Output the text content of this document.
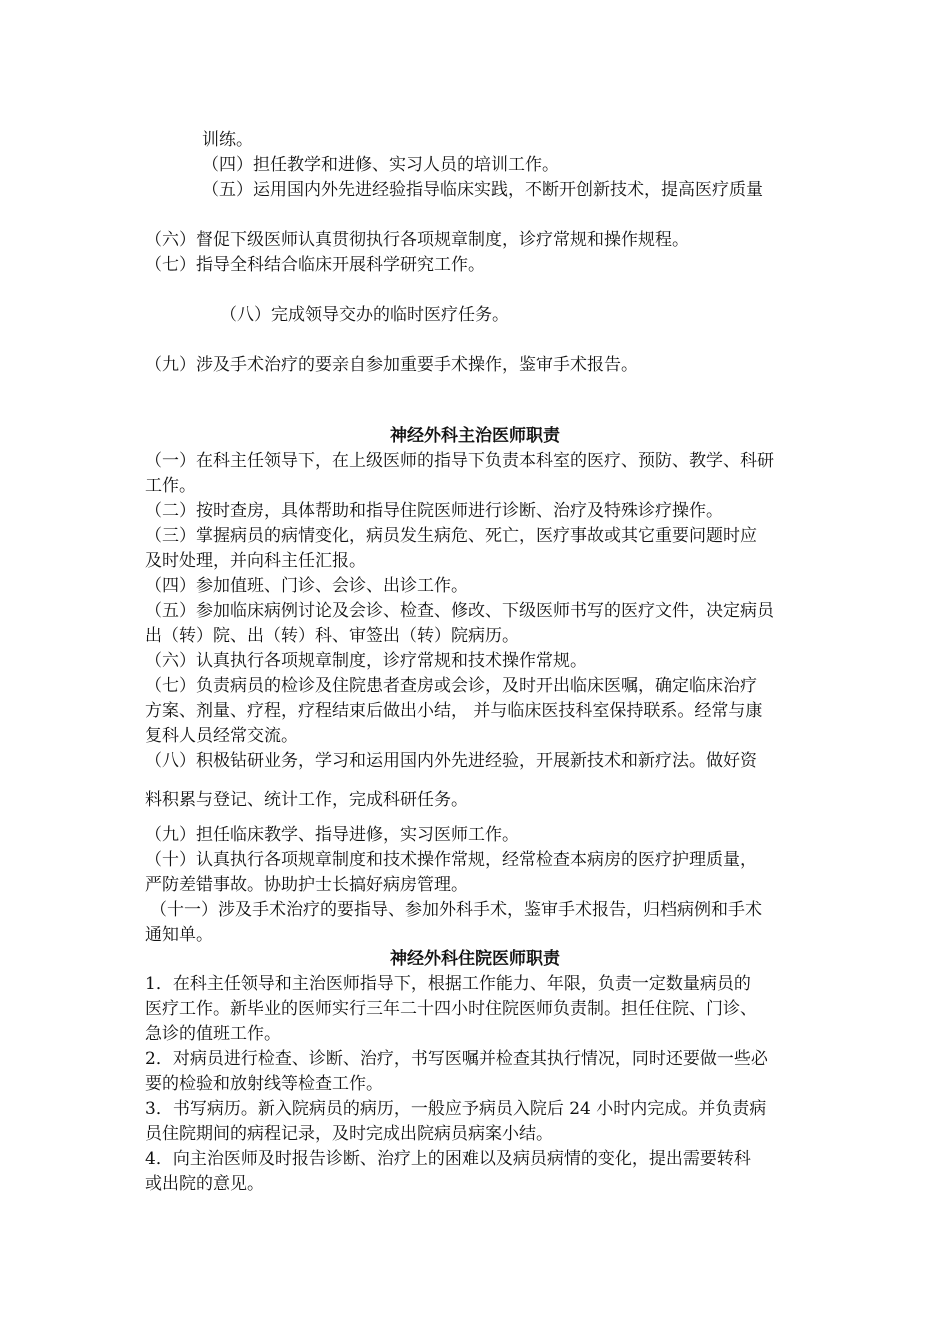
训练。
（四）担任教学和进修、实习人员的培训工作。
（五）运用国内外先进经验指导临床实践，不断开创新技术，提高医疗质量
（六）督促下级医师认真贯彻执行各项规章制度，诊疗常规和操作规程。
（七）指导全科结合临床开展科学研究工作。
（八）完成领导交办的临时医疗任务。
（九）涉及手术治疗的要亲自参加重要手术操作，鉴审手术报告。
神经外科主治医师职责
（一）在科主任领导下，在上级医师的指导下负责本科室的医疗、预防、教学、科研
工作。
（二）按时查房，具体帮助和指导住院医师进行诊断、治疗及特殊诊疗操作。
（三）掌握病员的病情变化，病员发生病危、死亡，医疗事故或其它重要问题时应
及时处理，并向科主任汇报。
（四）参加值班、门诊、会诊、出诊工作。
（五）参加临床病例讨论及会诊、检查、修改、下级医师书写的医疗文件，决定病员
出（转）院、出（转）科、审签出（转）院病历。
（六）认真执行各项规章制度，诊疗常规和技术操作常规。
（七）负责病员的检诊及住院患者查房或会诊，及时开出临床医嘱，确定临床治疗
方案、剂量、疗程，疗程结束后做出小结， 并与临床医技科室保持联系。经常与康
复科人员经常交流。
（八）积极钻研业务，学习和运用国内外先进经验，开展新技术和新疗法。做好资
料积累与登记、统计工作，完成科研任务。
（九）担任临床教学、指导进修，实习医师工作。
（十）认真执行各项规章制度和技术操作常规，经常检查本病房的医疗护理质量，
严防差错事故。协助护士长搞好病房管理。
（十一）涉及手术治疗的要指导、参加外科手术，鉴审手术报告，归档病例和手术
通知单。
神经外科住院医师职责
1．在科主任领导和主治医师指导下，根据工作能力、年限，负责一定数量病员的
医疗工作。新毕业的医师实行三年二十四小时住院医师负责制。担任住院、门诊、
急诊的值班工作。
2．对病员进行检查、诊断、治疗，书写医嘱并检查其执行情况，同时还要做一些必
要的检验和放射线等检查工作。
3．书写病历。新入院病员的病历，一般应予病员入院后 24 小时内完成。并负责病
员住院期间的病程记录，及时完成出院病员病案小结。
4．向主治医师及时报告诊断、治疗上的困难以及病员病情的变化，提出需要转科
或出院的意见。
